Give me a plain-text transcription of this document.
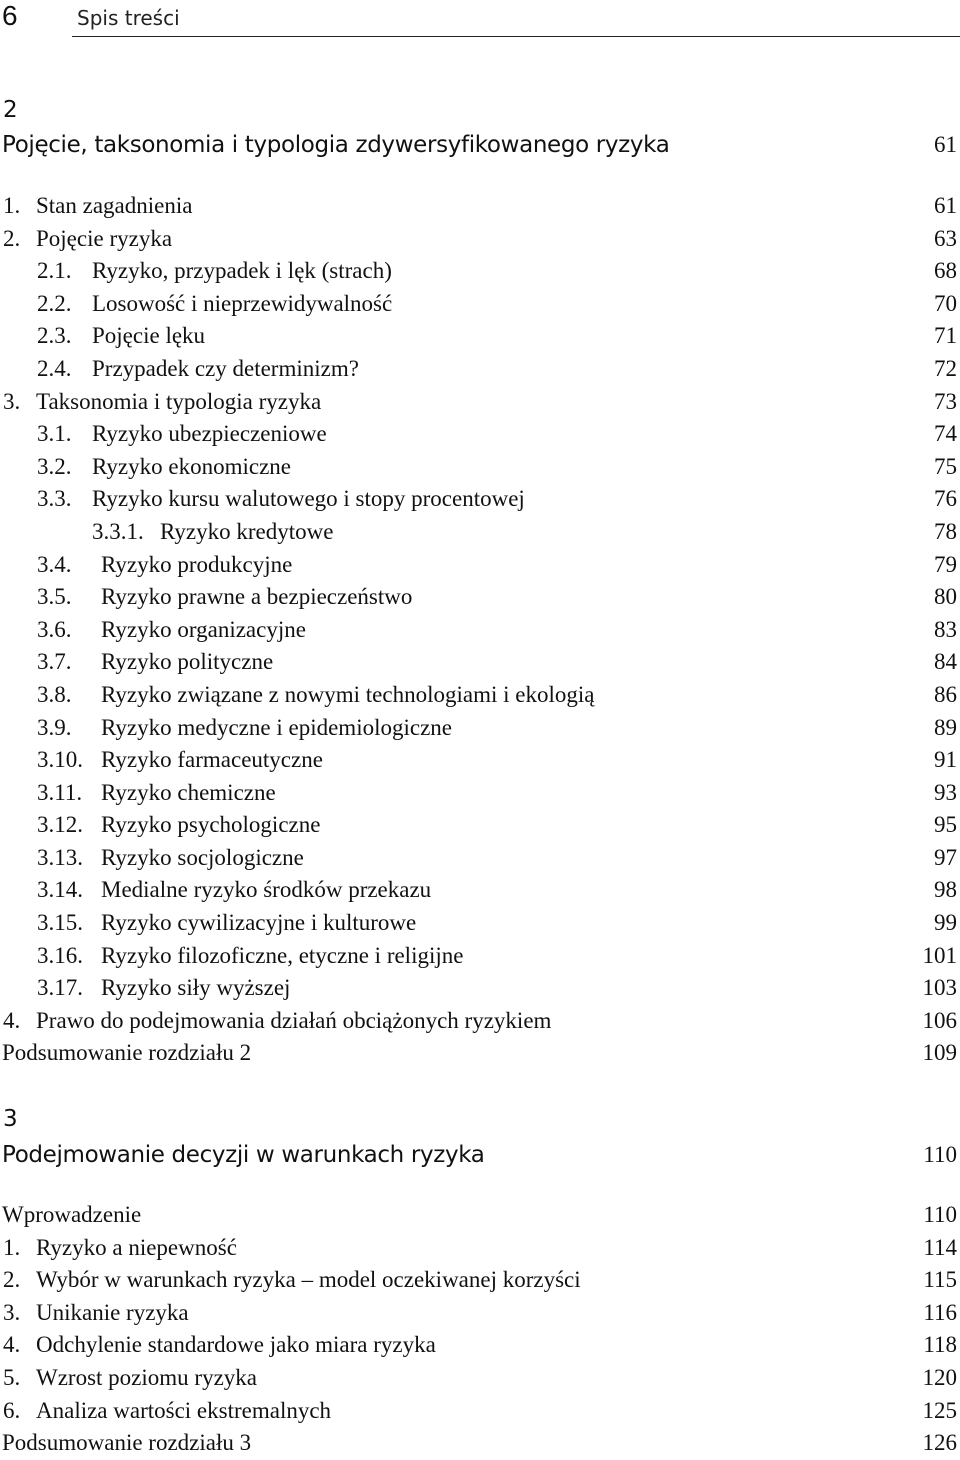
6	Spis treści
2
Pojęcie, taksonomia i typologia zdywersyfikowanego ryzyka	61
1. Stan zagadnienia	61
2. Pojęcie ryzyka	63
2.1. Ryzyko, przypadek i lęk (strach)	68
2.2. Losowość i nieprzewidywalność	70
2.3. Pojęcie lęku	71
2.4. Przypadek czy determinizm?	72
3. Taksonomia i typologia ryzyka	73
3.1. Ryzyko ubezpieczeniowe	74
3.2. Ryzyko ekonomiczne	75
3.3. Ryzyko kursu walutowego i stopy procentowej	76
3.3.1. Ryzyko kredytowe	78
3.4. Ryzyko produkcyjne	79
3.5. Ryzyko prawne a bezpieczeństwo	80
3.6. Ryzyko organizacyjne	83
3.7. Ryzyko polityczne	84
3.8. Ryzyko związane z nowymi technologiami i ekologią	86
3.9. Ryzyko medyczne i epidemiologiczne	89
3.10. Ryzyko farmaceutyczne	91
3.11. Ryzyko chemiczne	93
3.12. Ryzyko psychologiczne	95
3.13. Ryzyko socjologiczne	97
3.14. Medialne ryzyko środków przekazu	98
3.15. Ryzyko cywilizacyjne i kulturowe	99
3.16. Ryzyko filozoficzne, etyczne i religijne	101
3.17. Ryzyko siły wyższej	103
4. Prawo do podejmowania działań obciążonych ryzykiem	106
Podsumowanie rozdziału 2	109
3
Podejmowanie decyzji w warunkach ryzyka	110
Wprowadzenie	110
1. Ryzyko a niepewność	114
2. Wybór w warunkach ryzyka – model oczekiwanej korzyści	115
3. Unikanie ryzyka	116
4. Odchylenie standardowe jako miara ryzyka	118
5. Wzrost poziomu ryzyka	120
6. Analiza wartości ekstremalnych	125
Podsumowanie rozdziału 3	126
